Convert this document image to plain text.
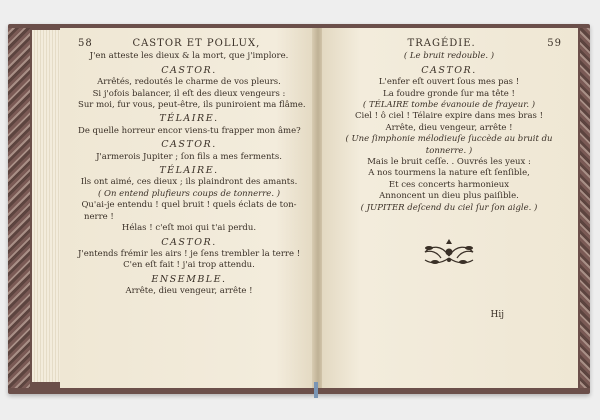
58	CASTOR ET POLLUX,
J'en atteste les dieux & la mort, que j'implore.
CASTOR.
Arrêtés, redoutés le charme de vos pleurs.
Si j'ofois balancer, il eſt des dieux vengeurs :
Sur moi, fur vous, peut-être, ils puniroient ma flâme.
TÉLAIRE.
De quelle horreur encor viens-tu frapper mon âme?
CASTOR.
J'armerois Jupiter ; ſon fils a mes ferments.
TÉLAIRE.
Ils ont aimé, ces dieux ; ils plaindront des amants.
( On entend plufieurs coups de tonnerre. )
Qu'ai-je entendu ! quel bruit ! quels éclats de ton-
nerre !
Hélas ! c'eſt moi qui t'ai perdu.
CASTOR.
J'entends frémir les airs ! je ſens trembler la terre !
C'en eſt fait ! j'ai trop attendu.
ENSEMBLE.
Arrête, dieu vengeur, arrête !
TRAGÉDIE.	59
( Le bruit redouble. )
CASTOR.
L'enfer eſt ouvert ſous mes pas !
La foudre gronde ſur ma tête !
( TÉLAIRE tombe évanouie de frayeur. )
Ciel ! ô ciel ! Télaire expire dans mes bras !
Arrête, dieu vengeur, arrête !
( Une ſimphonie mélodieuſe ſuccède au bruit du
tonnerre. )
Mais le bruit ceſſe. . Ouvrés les yeux :
A nos tourmens la nature eſt ſenſible,
Et ces concerts harmonieux
Annoncent un dieu plus paiſible.
( JUPITER deſcend du ciel ſur ſon aigle. )
Hij
